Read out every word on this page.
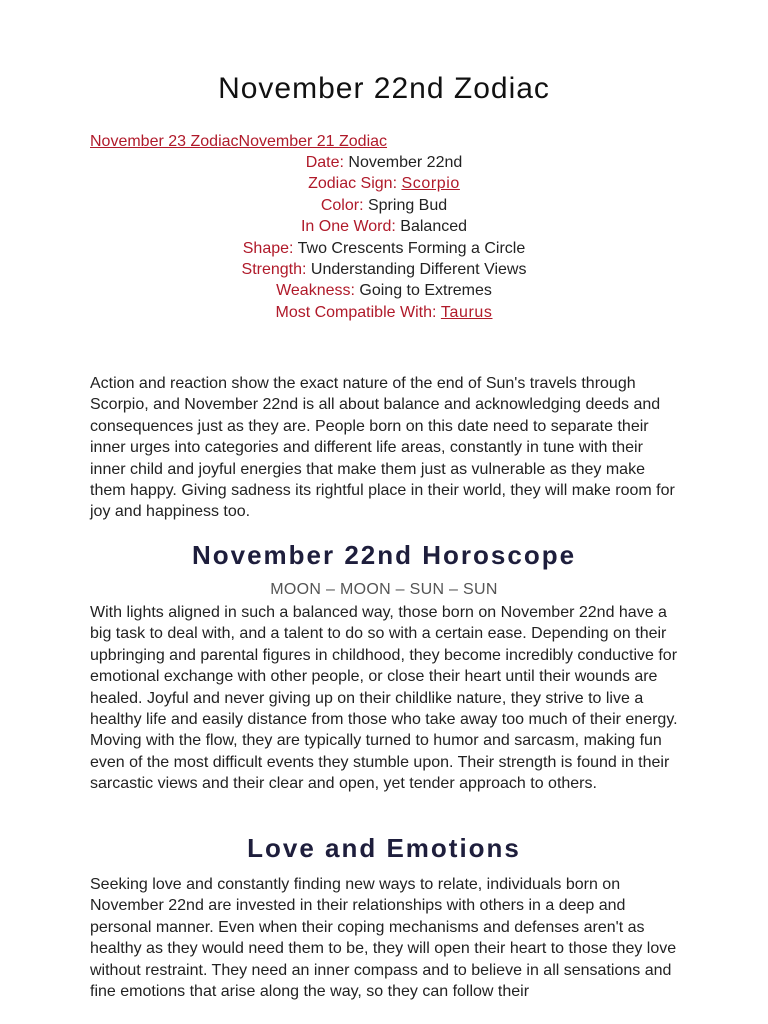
November 22nd Zodiac
November 23 ZodiacNovember 21 Zodiac
Date: November 22nd
Zodiac Sign: Scorpio
Color: Spring Bud
In One Word: Balanced
Shape: Two Crescents Forming a Circle
Strength: Understanding Different Views
Weakness: Going to Extremes
Most Compatible With: Taurus

Action and reaction show the exact nature of the end of Sun's travels through Scorpio, and November 22nd is all about balance and acknowledging deeds and consequences just as they are. People born on this date need to separate their inner urges into categories and different life areas, constantly in tune with their inner child and joyful energies that make them just as vulnerable as they make them happy. Giving sadness its rightful place in their world, they will make room for joy and happiness too.

November 22nd Horoscope
MOON – MOON – SUN – SUN

With lights aligned in such a balanced way, those born on November 22nd have a big task to deal with, and a talent to do so with a certain ease. Depending on their upbringing and parental figures in childhood, they become incredibly conductive for emotional exchange with other people, or close their heart until their wounds are healed. Joyful and never giving up on their childlike nature, they strive to live a healthy life and easily distance from those who take away too much of their energy. Moving with the flow, they are typically turned to humor and sarcasm, making fun even of the most difficult events they stumble upon. Their strength is found in their sarcastic views and their clear and open, yet tender approach to others.

Love and Emotions

Seeking love and constantly finding new ways to relate, individuals born on November 22nd are invested in their relationships with others in a deep and personal manner. Even when their coping mechanisms and defenses aren't as healthy as they would need them to be, they will open their heart to those they love without restraint. They need an inner compass and to believe in all sensations and fine emotions that arise along the way, so they can follow their
